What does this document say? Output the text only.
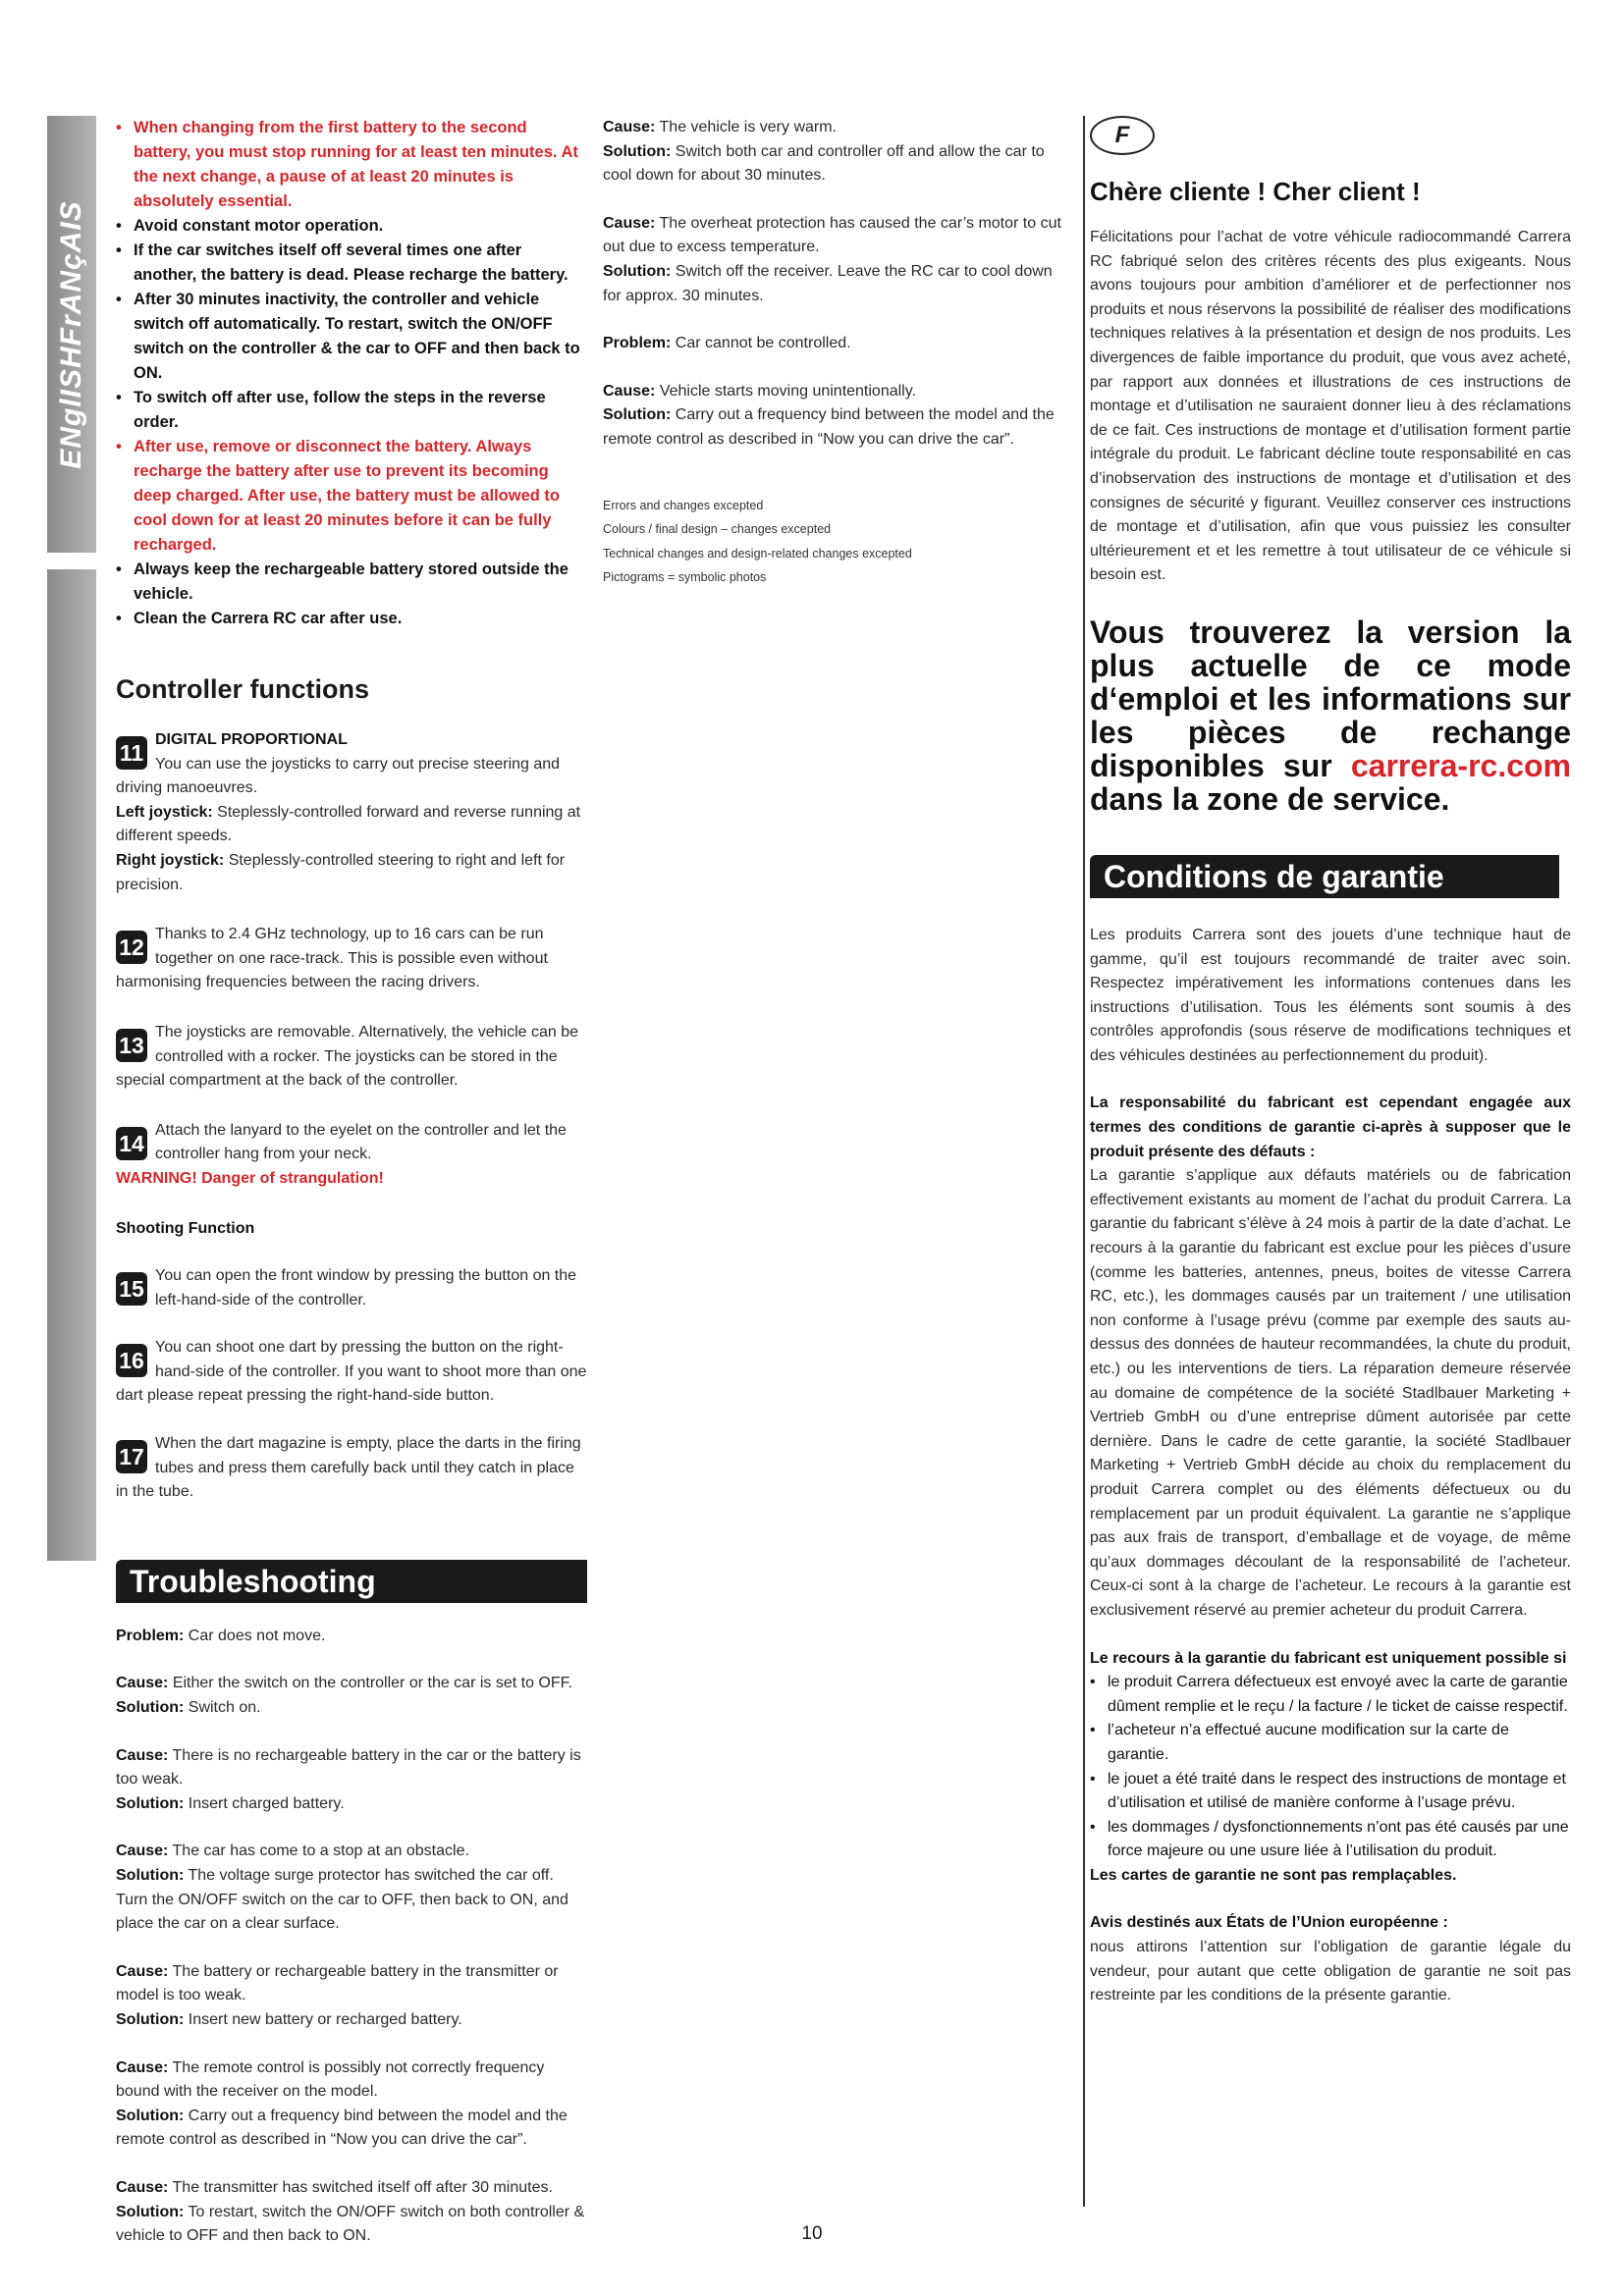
ENglISHFrANçAIS
• When changing from the first battery to the second battery, you must stop running for at least ten minutes. At the next change, a pause of at least 20 minutes is absolutely essential.
• Avoid constant motor operation.
• If the car switches itself off several times one after another, the battery is dead. Please recharge the battery.
• After 30 minutes inactivity, the controller and vehicle switch off automatically. To restart, switch the ON/OFF switch on the controller & the car to OFF and then back to ON.
• To switch off after use, follow the steps in the reverse order.
• After use, remove or disconnect the battery. Always recharge the battery after use to prevent its becoming deep charged. After use, the battery must be allowed to cool down for at least 20 minutes before it can be fully recharged.
• Always keep the rechargeable battery stored outside the vehicle.
• Clean the Carrera RC car after use.
Controller functions
11

DIGITAL PROPORTIONAL
You can use the joysticks to carry out precise steering and driving manoeuvres.
Left joystick: Steplessly-controlled forward and reverse running at different speeds.
Right joystick: Steplessly-controlled steering to right and left for precision.

12

Thanks to 2.4 GHz technology, up to 16 cars can be run together on one race-track. This is possible even without harmonising frequencies between the racing drivers.

13

The joysticks are removable. Alternatively, the vehicle can be controlled with a rocker. The joysticks can be stored in the special compartment at the back of the controller.

14

Attach the lanyard to the eyelet on the controller and let the controller hang from your neck.

WARNING! Danger of strangulation!

Shooting Function

15

You can open the front window by pressing the button on the left-hand-side of the controller.

16

You can shoot one dart by pressing the button on the right-hand-side of the controller. If you want to shoot more than one dart please repeat pressing the right-hand-side button.

17

When the dart magazine is empty, place the darts in the firing tubes and press them carefully back until they catch in place in the tube.

Troubleshooting

Problem: Car does not move.

Cause: Either the switch on the controller or the car is set to OFF.
Solution: Switch on.

Cause: There is no rechargeable battery in the car or the battery is too weak.
Solution: Insert charged battery.

Cause: The car has come to a stop at an obstacle.
Solution: The voltage surge protector has switched the car off. Turn the ON/OFF switch on the car to OFF, then back to ON, and place the car on a clear surface.

Cause: The battery or rechargeable battery in the transmitter or model is too weak.
Solution: Insert new battery or recharged battery.

Cause: The remote control is possibly not correctly frequency bound with the receiver on the model.
Solution: Carry out a frequency bind between the model and the remote control as described in “Now you can drive the car”.

Cause: The transmitter has switched itself off after 30 minutes.
Solution: To restart, switch the ON/OFF switch on both controller & vehicle to OFF and then back to ON.

Cause: The vehicle is very warm.
Solution: Switch both car and controller off and allow the car to cool down for about 30 minutes.

Cause: The overheat protection has caused the car’s motor to cut out due to excess temperature.
Solution: Switch off the receiver. Leave the RC car to cool down for approx. 30 minutes.

Problem: Car cannot be controlled.

Cause: Vehicle starts moving unintentionally.
Solution: Carry out a frequency bind between the model and the remote control as described in “Now you can drive the car”.

Errors and changes excepted
Colours / final design – changes excepted
Technical changes and design-related changes excepted
Pictograms = symbolic photos
F

Chère cliente ! Cher client !

Félicitations pour l’achat de votre véhicule radiocommandé Carrera RC fabriqué selon des critères récents des plus exigeants. Nous avons toujours pour ambition d’améliorer et de perfectionner nos produits et nous réservons la possibilité de réaliser des modifications techniques relatives à la présentation et design de nos produits. Les divergences de faible importance du produit, que vous avez acheté, par rapport aux données et illustrations de ces instructions de montage et d’utilisation ne sauraient donner lieu à des réclamations de ce fait. Ces instructions de montage et d’utilisation forment partie intégrale du produit. Le fabricant décline toute responsabilité en cas d’inobservation des instructions de montage et d’utilisation et des consignes de sécurité y figurant. Veuillez conserver ces instructions de montage et d’utilisation, afin que vous puissiez les consulter ultérieurement et et les remettre à tout utilisateur de ce véhicule si besoin est.

Vous trouverez la version la plus actuelle de ce mode d‘emploi et les informations sur les pièces de rechange disponibles sur carrera-rc.com dans la zone de service.

Conditions de garantie

Les produits Carrera sont des jouets d’une technique haut de gamme, qu’il est toujours recommandé de traiter avec soin. Respectez impérativement les informations contenues dans les instructions d’utilisation. Tous les éléments sont soumis à des contrôles approfondis (sous réserve de modifications techniques et des véhicules destinées au perfectionnement du produit).

La responsabilité du fabricant est cependant engagée aux termes des conditions de garantie ci-après à supposer que le produit présente des défauts :

La garantie s’applique aux défauts matériels ou de fabrication effectivement existants au moment de l’achat du produit Carrera. La garantie du fabricant s’élève à 24 mois à partir de la date d’achat. Le recours à la garantie du fabricant est exclue pour les pièces d’usure (comme les batteries, antennes, pneus, boites de vitesse Carrera RC, etc.), les dommages causés par un traitement / une utilisation non conforme à l’usage prévu (comme par exemple des sauts au-dessus des données de hauteur recommandées, la chute du produit, etc.) ou les interventions de tiers. La réparation demeure réservée au domaine de compétence de la société Stadlbauer Marketing + Vertrieb GmbH ou d’une entreprise dûment autorisée par cette dernière. Dans le cadre de cette garantie, la société Stadlbauer Marketing + Vertrieb GmbH décide au choix du remplacement du produit Carrera complet ou des éléments défectueux ou du remplacement par un produit équivalent. La garantie ne s’applique pas aux frais de transport, d’emballage et de voyage, de même qu’aux dommages découlant de la responsabilité de l’acheteur. Ceux-ci sont à la charge de l’acheteur. Le recours à la garantie est exclusivement réservé au premier acheteur du produit Carrera.

Le recours à la garantie du fabricant est uniquement possible si

• le produit Carrera défectueux est envoyé avec la carte de garantie dûment remplie et le reçu / la facture / le ticket de caisse respectif.
• l’acheteur n’a effectué aucune modification sur la carte de garantie.
• le jouet a été traité dans le respect des instructions de montage et d’utilisation et utilisé de manière conforme à l’usage prévu.
• les dommages / dysfonctionnements n’ont pas été causés par une force majeure ou une usure liée à l’utilisation du produit.

Les cartes de garantie ne sont pas remplaçables.

Avis destinés aux États de l’Union européenne :

nous attirons l’attention sur l’obligation de garantie légale du vendeur, pour autant que cette obligation de garantie ne soit pas restreinte par les conditions de la présente garantie.

10
